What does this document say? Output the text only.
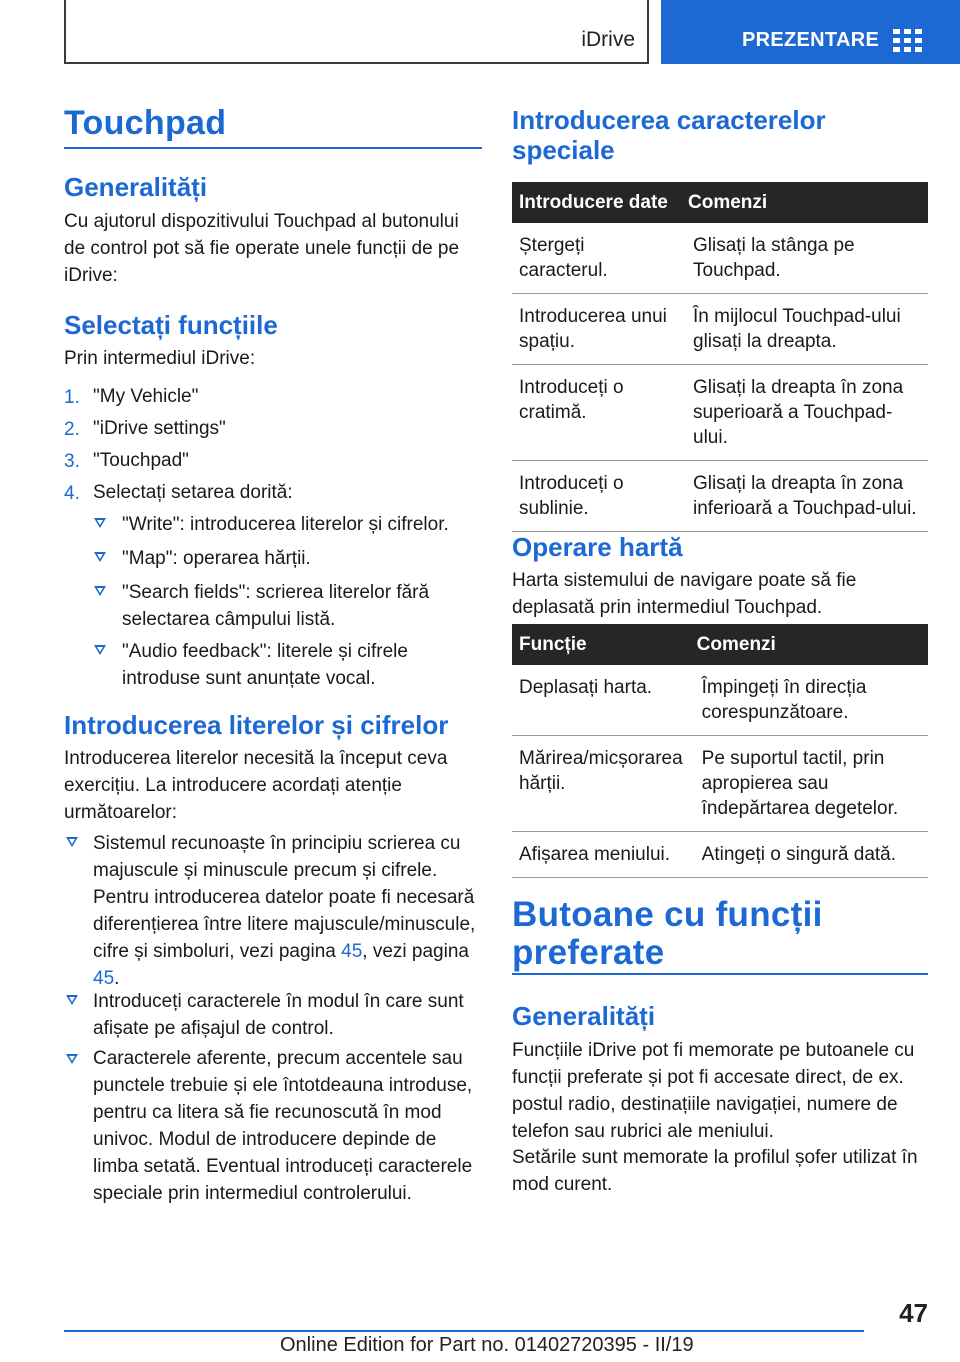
iDrive	PREZENTARE
Touchpad
Generalități

Cu ajutorul dispozitivului Touchpad al butonului de control pot să fie operate unele funcții de pe iDrive:

Selectați funcțiile

Prin intermediul iDrive:

1. "My Vehicle"
2. "iDrive settings"
3. "Touchpad"
4. Selectați setarea dorită:
"Write": introducerea literelor și cifrelor.
"Map": operarea hărții.
"Search fields": scrierea literelor fără selectarea câmpului listă.
"Audio feedback": literele și cifrele introduse sunt anunțate vocal.
Introducerea literelor și cifrelor

Introducerea literelor necesită la început ceva exercițiu. La introducere acordați atenție următoarelor:

Sistemul recunoaște în principiu scrierea cu majuscule și minuscule precum și cifrele. Pentru introducerea datelor poate fi necesară diferențierea între litere majuscule/minuscule, cifre și simboluri, vezi pagina 45, vezi pagina 45.

Introduceți caracterele în modul în care sunt afișate pe afișajul de control.

Caracterele aferente, precum accentele sau punctele trebuie și ele întotdeauna introduse, pentru ca litera să fie recunoscută în mod univoc. Modul de introducere depinde de limba setată. Eventual introduceți caracterele speciale prin intermediul controlerului.

Introducerea caracterelor speciale
Introducere date	Comenzi
Ștergeți caracterul.	Glisați la stânga pe Touchpad.
Introducerea unui spațiu.	În mijlocul Touchpad-ului glisați la dreapta.
Introduceți o cratimă.	Glisați la dreapta în zona superioară a Touchpad-ului.
Introduceți o sublinie.	Glisați la dreapta în zona inferioară a Touchpad-ului.
Operare hartă

Harta sistemului de navigare poate să fie deplasată prin intermediul Touchpad.

Funcție	Comenzi
Deplasați harta.	Împingeți în direcția corespunzătoare.
Mărirea/micșorarea hărții.	Pe suportul tactil, prin apropierea sau îndepărtarea degetelor.
Afișarea meniului.	Atingeți o singură dată.
Butoane cu funcții preferate
Generalități

Funcțiile iDrive pot fi memorate pe butoanele cu funcții preferate și pot fi accesate direct, de ex. postul radio, destinațiile navigației, numere de telefon sau rubrici ale meniului.

Setările sunt memorate la profilul șofer utilizat în mod curent.

47
Online Edition for Part no. 01402720395 - II/19
